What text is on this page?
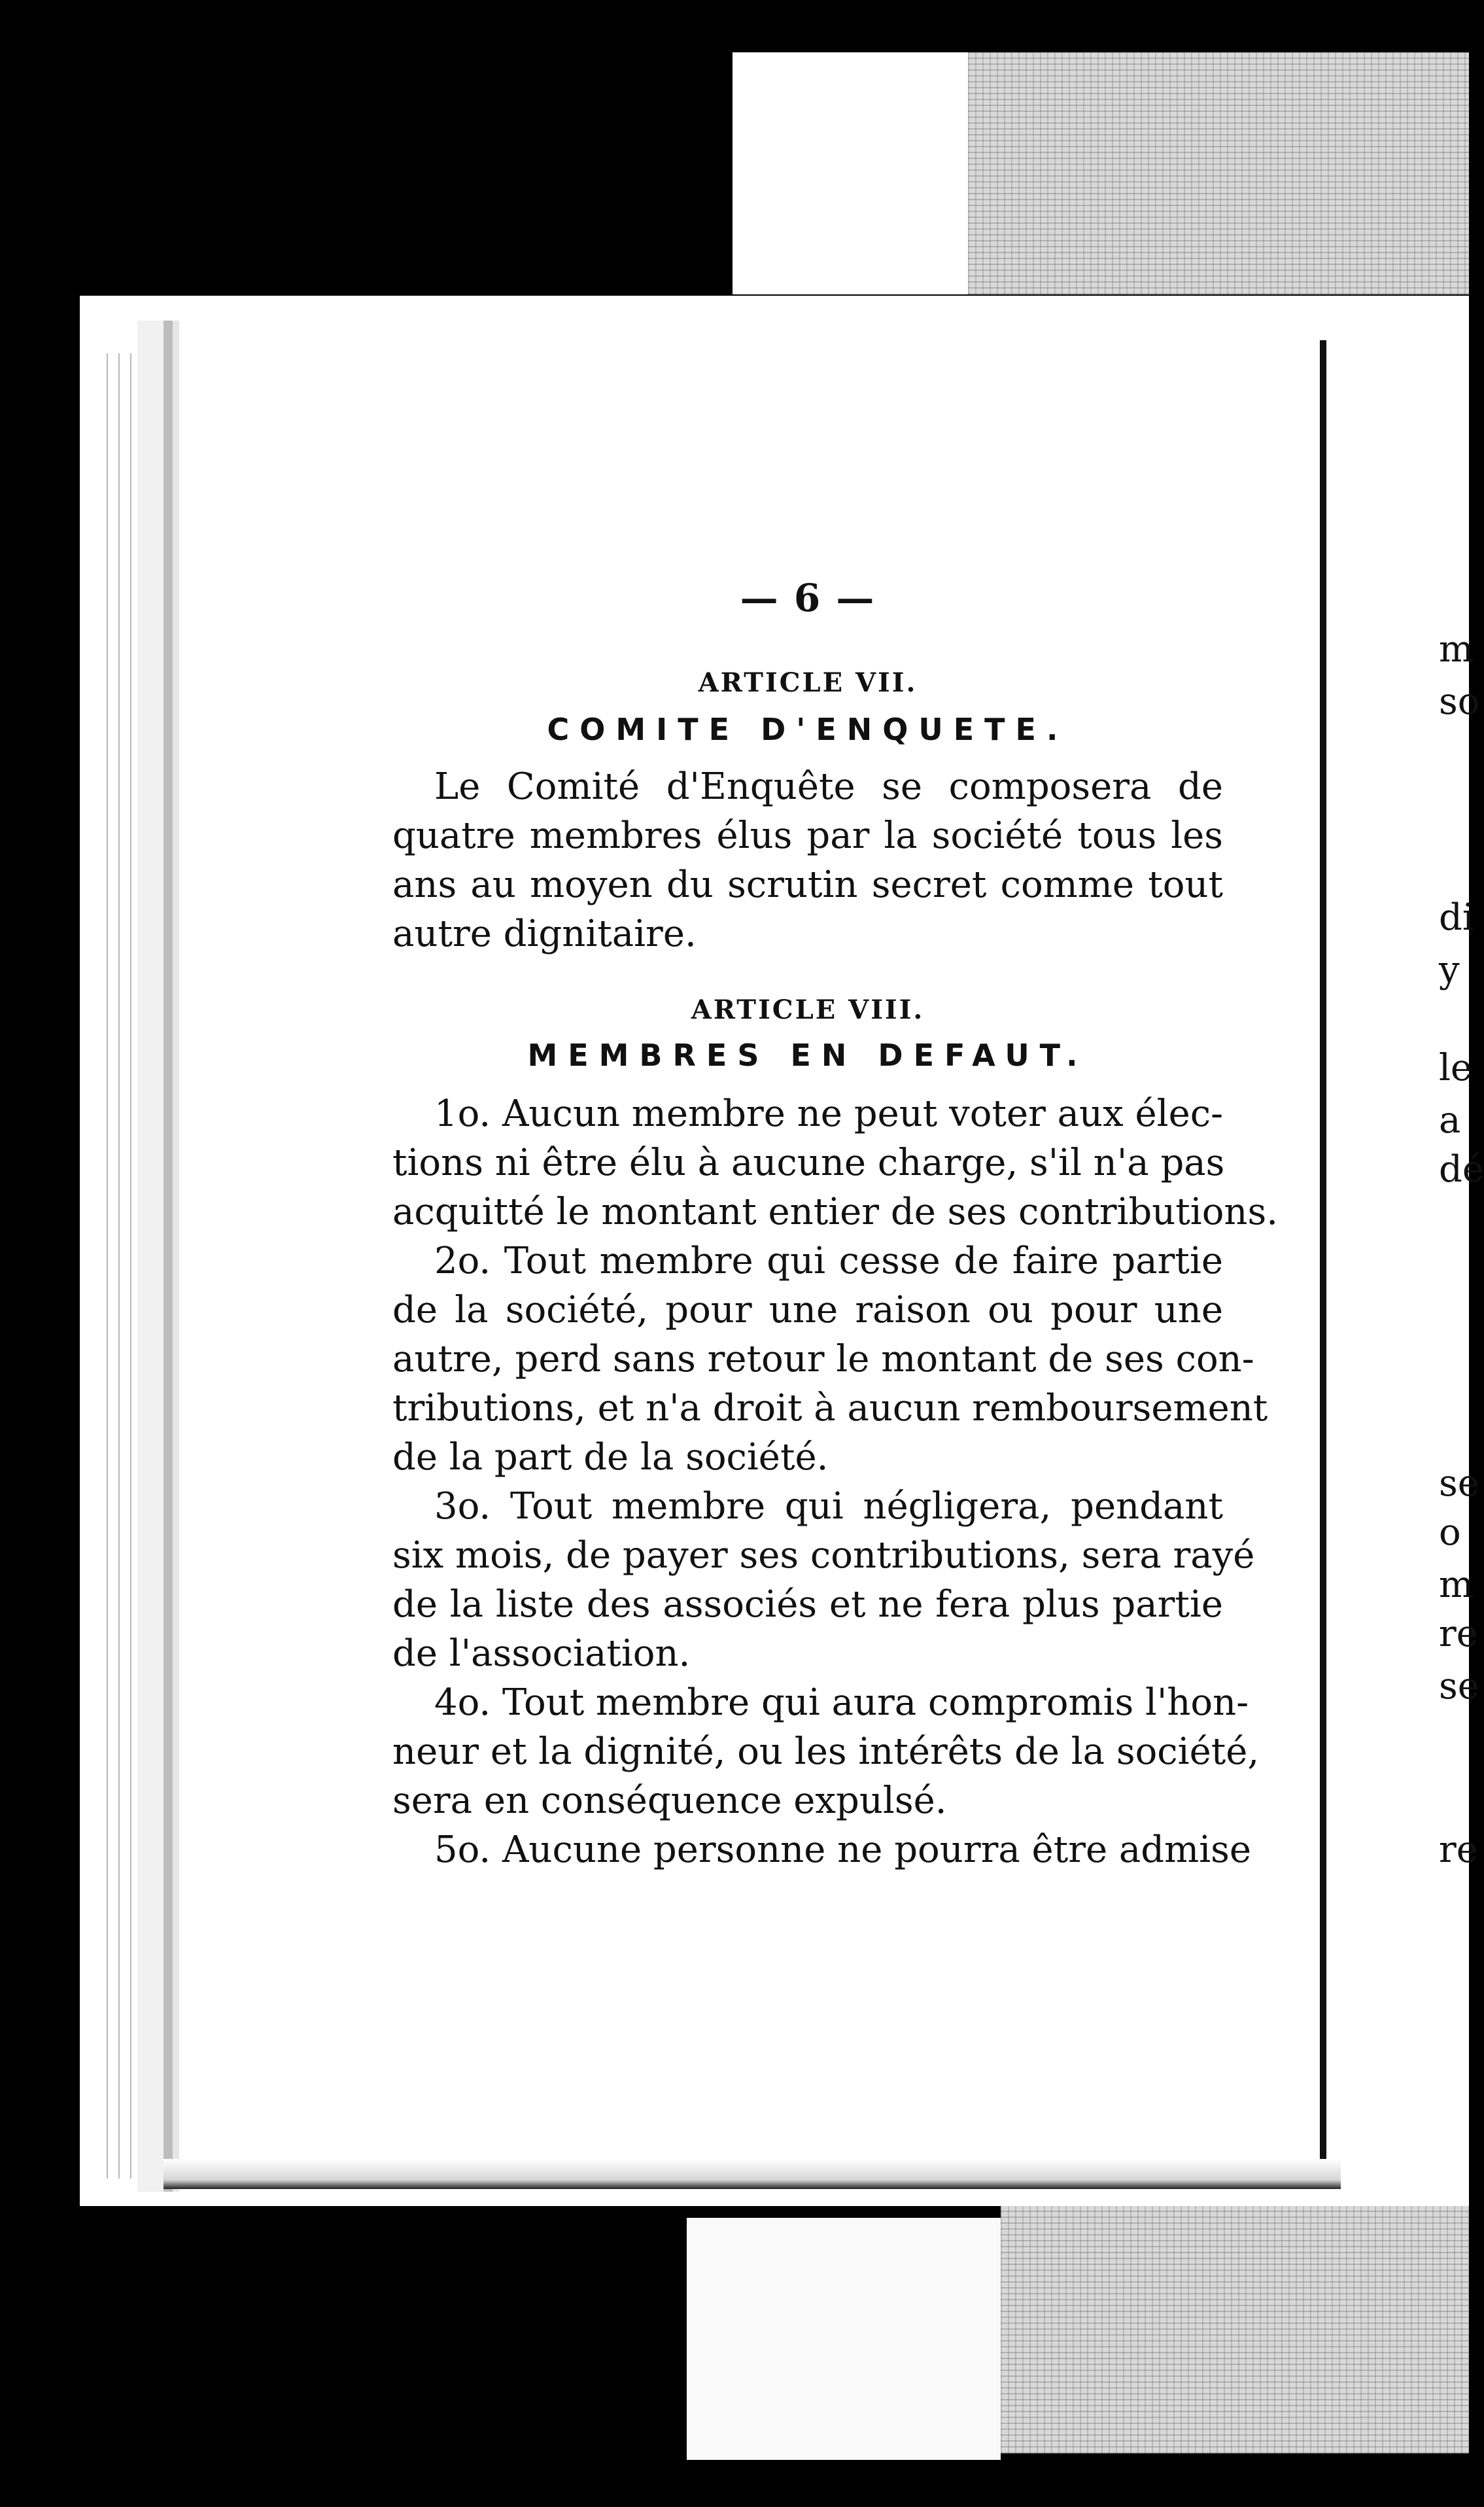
— 6 —
ARTICLE VII.
COMITE D'ENQUETE.
Le Comité d'Enquête se composera de
quatre membres élus par la société tous les
ans au moyen du scrutin secret comme tout
autre dignitaire.
ARTICLE VIII.
MEMBRES EN DEFAUT.
1o. Aucun membre ne peut voter aux élec-
tions ni être élu à aucune charge, s'il n'a pas
acquitté le montant entier de ses contributions.
2o. Tout membre qui cesse de faire partie
de la société, pour une raison ou pour une
autre, perd sans retour le montant de ses con-
tributions, et n'a droit à aucun remboursement
de la part de la société.
3o. Tout membre qui négligera, pendant
six mois, de payer ses contributions, sera rayé
de la liste des associés et ne fera plus partie
de l'association.
4o. Tout membre qui aura compromis l'hon-
neur et la dignité, ou les intérêts de la société,
sera en conséquence expulsé.
5o. Aucune personne ne pourra être admise
m
so
di
y
le
a
dé
se
o
m
re
se
re
